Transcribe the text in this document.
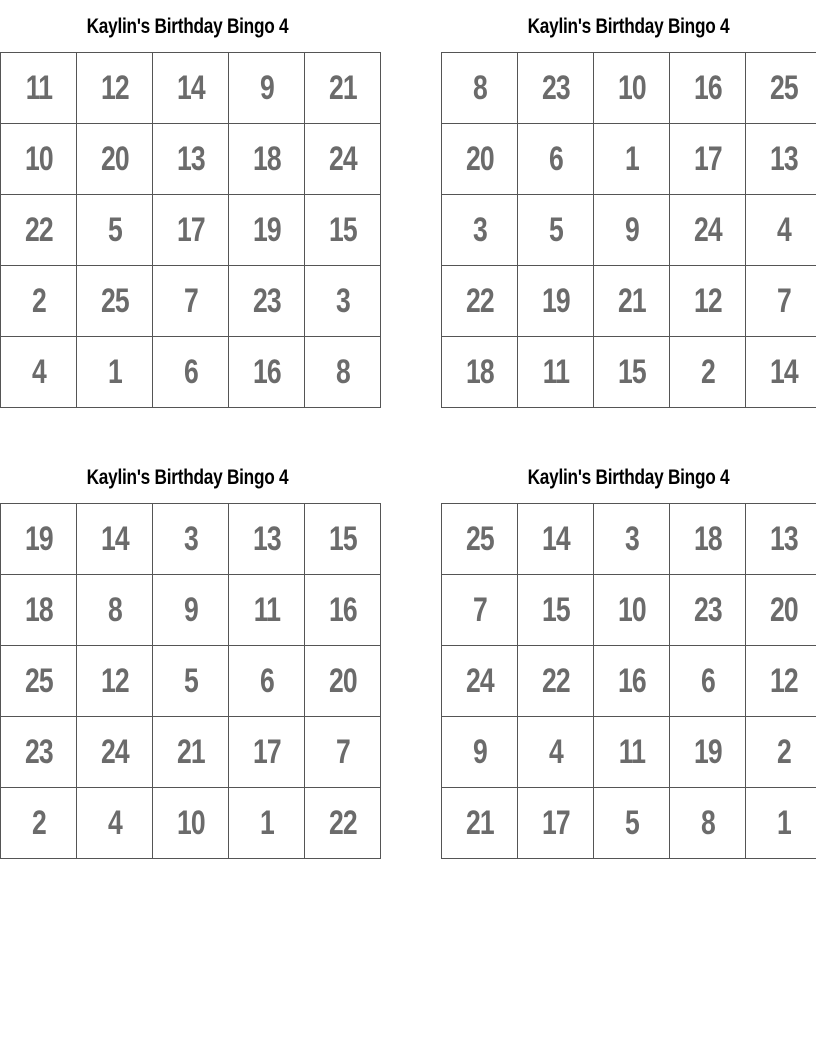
Kaylin's Birthday Bingo 4
11	12	14	9	21
10	20	13	18	24
22	5	17	19	15
2	25	7	23	3
4	1	6	16	8
Kaylin's Birthday Bingo 4
8	23	10	16	25
20	6	1	17	13
3	5	9	24	4
22	19	21	12	7
18	11	15	2	14
Kaylin's Birthday Bingo 4
19	14	3	13	15
18	8	9	11	16
25	12	5	6	20
23	24	21	17	7
2	4	10	1	22
Kaylin's Birthday Bingo 4
25	14	3	18	13
7	15	10	23	20
24	22	16	6	12
9	4	11	19	2
21	17	5	8	1
